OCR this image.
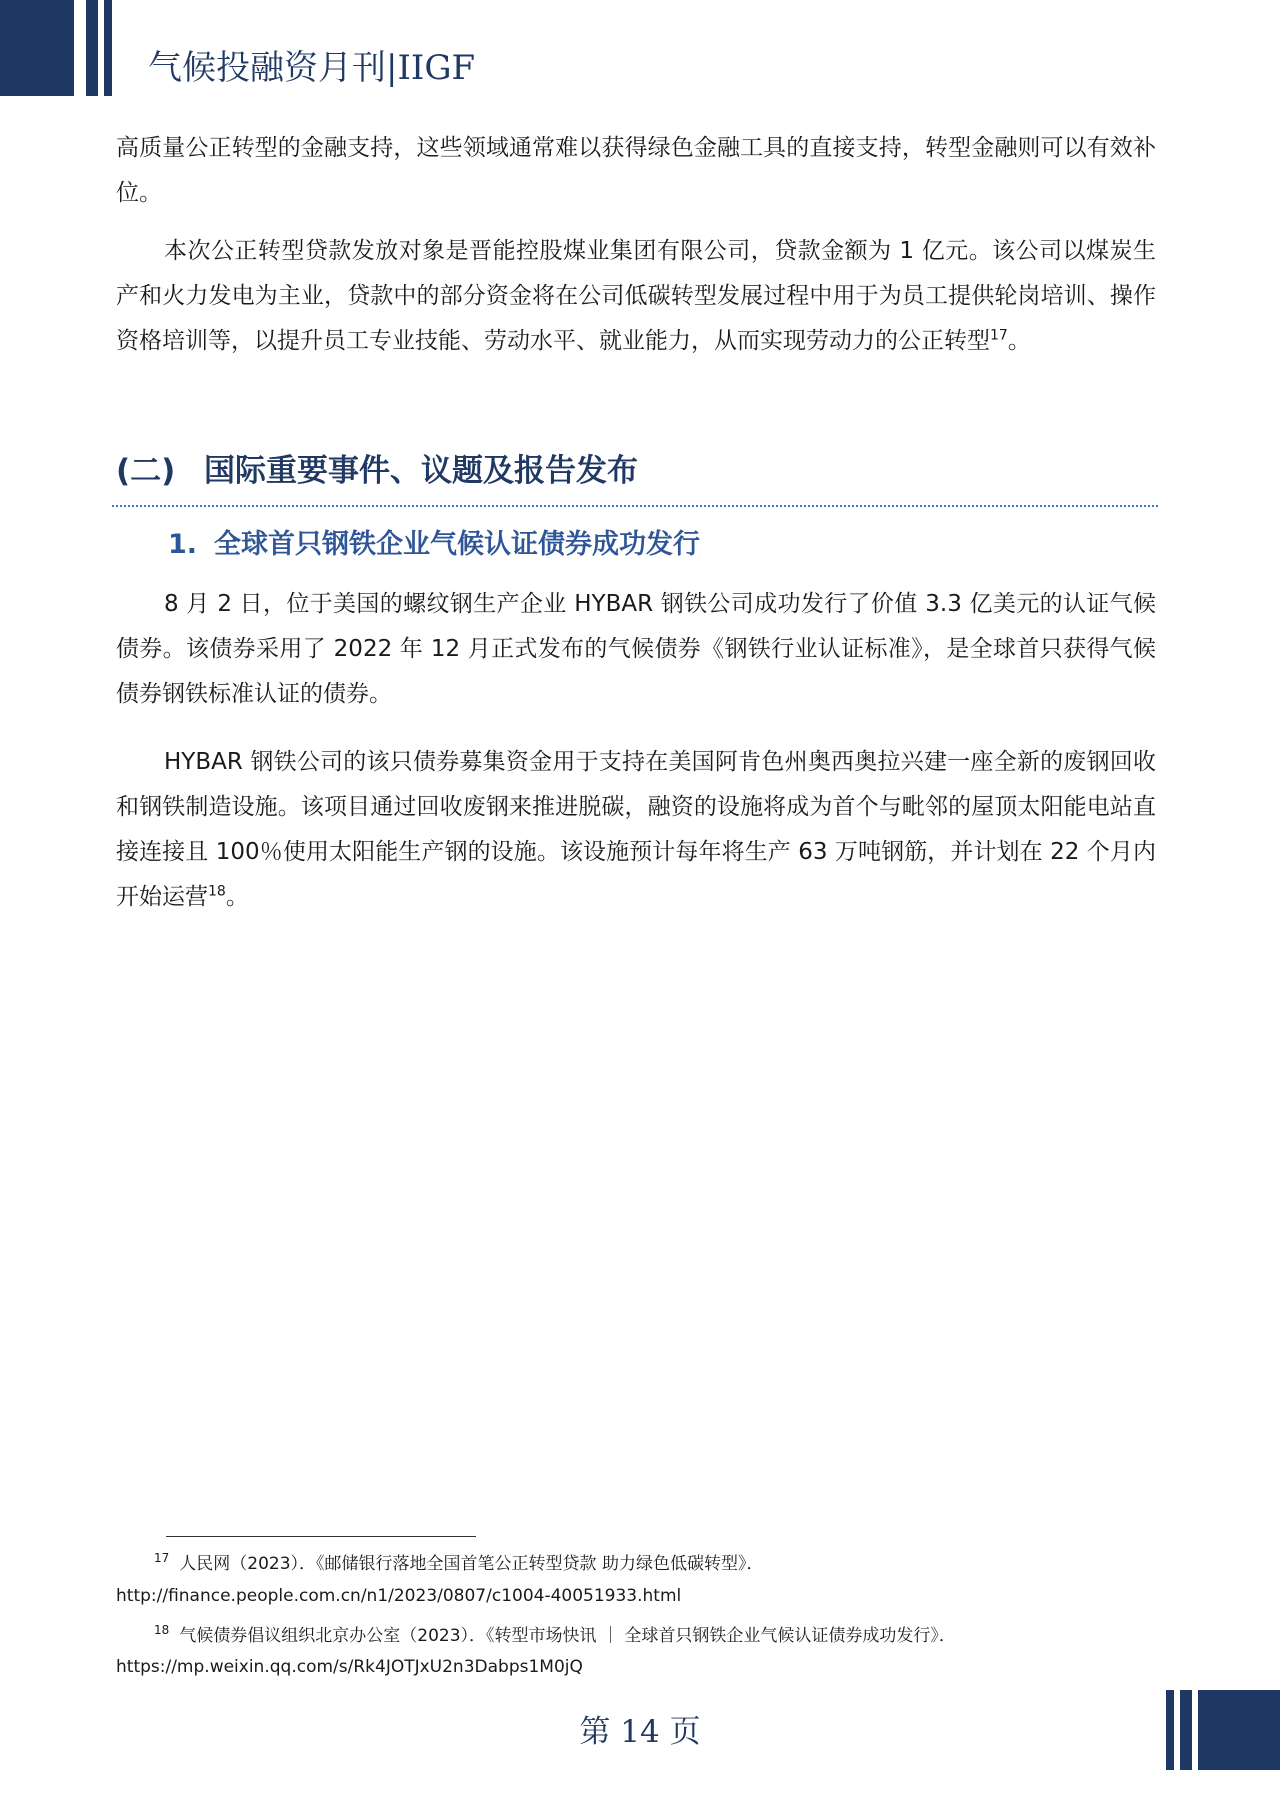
气候投融资月刊|IIGF

高质量公正转型的金融支持，这些领域通常难以获得绿色金融工具的直接支持，转型金融则可以有效补位。

本次公正转型贷款发放对象是晋能控股煤业集团有限公司，贷款金额为 1 亿元。该公司以煤炭生产和火力发电为主业，贷款中的部分资金将在公司低碳转型发展过程中用于为员工提供轮岗培训、操作资格培训等，以提升员工专业技能、劳动水平、就业能力，从而实现劳动力的公正转型$^{17}$。

(二) 国际重要事件、议题及报告发布
1. 全球首只钢铁企业气候认证债券成功发行

8 月 2 日，位于美国的螺纹钢生产企业 HYBAR 钢铁公司成功发行了价值 3.3 亿美元的认证气候债券。该债券采用了 2022 年 12 月正式发布的气候债券《钢铁行业认证标准》，是全球首只获得气候债券钢铁标准认证的债券。

HYBAR 钢铁公司的该只债券募集资金用于支持在美国阿肯色州奥西奥拉兴建一座全新的废钢回收和钢铁制造设施。该项目通过回收废钢来推进脱碳，融资的设施将成为首个与毗邻的屋顶太阳能电站直接连接且 100％使用太阳能生产钢的设施。该设施预计每年将生产 63 万吨钢筋，并计划在 22 个月内开始运营$^{18}$。

$^{17}$ 人民网（2023）．《邮储银行落地全国首笔公正转型贷款 助力绿色低碳转型》．
http://finance.people.com.cn/n1/2023/0807/c1004-40051933.html
$^{18}$ 气候债券倡议组织北京办公室（2023）．《转型市场快讯 ｜ 全球首只钢铁企业气候认证债券成功发行》．
https://mp.weixin.qq.com/s/Rk4JOTJxU2n3Dabps1M0jQ
第 14 页
